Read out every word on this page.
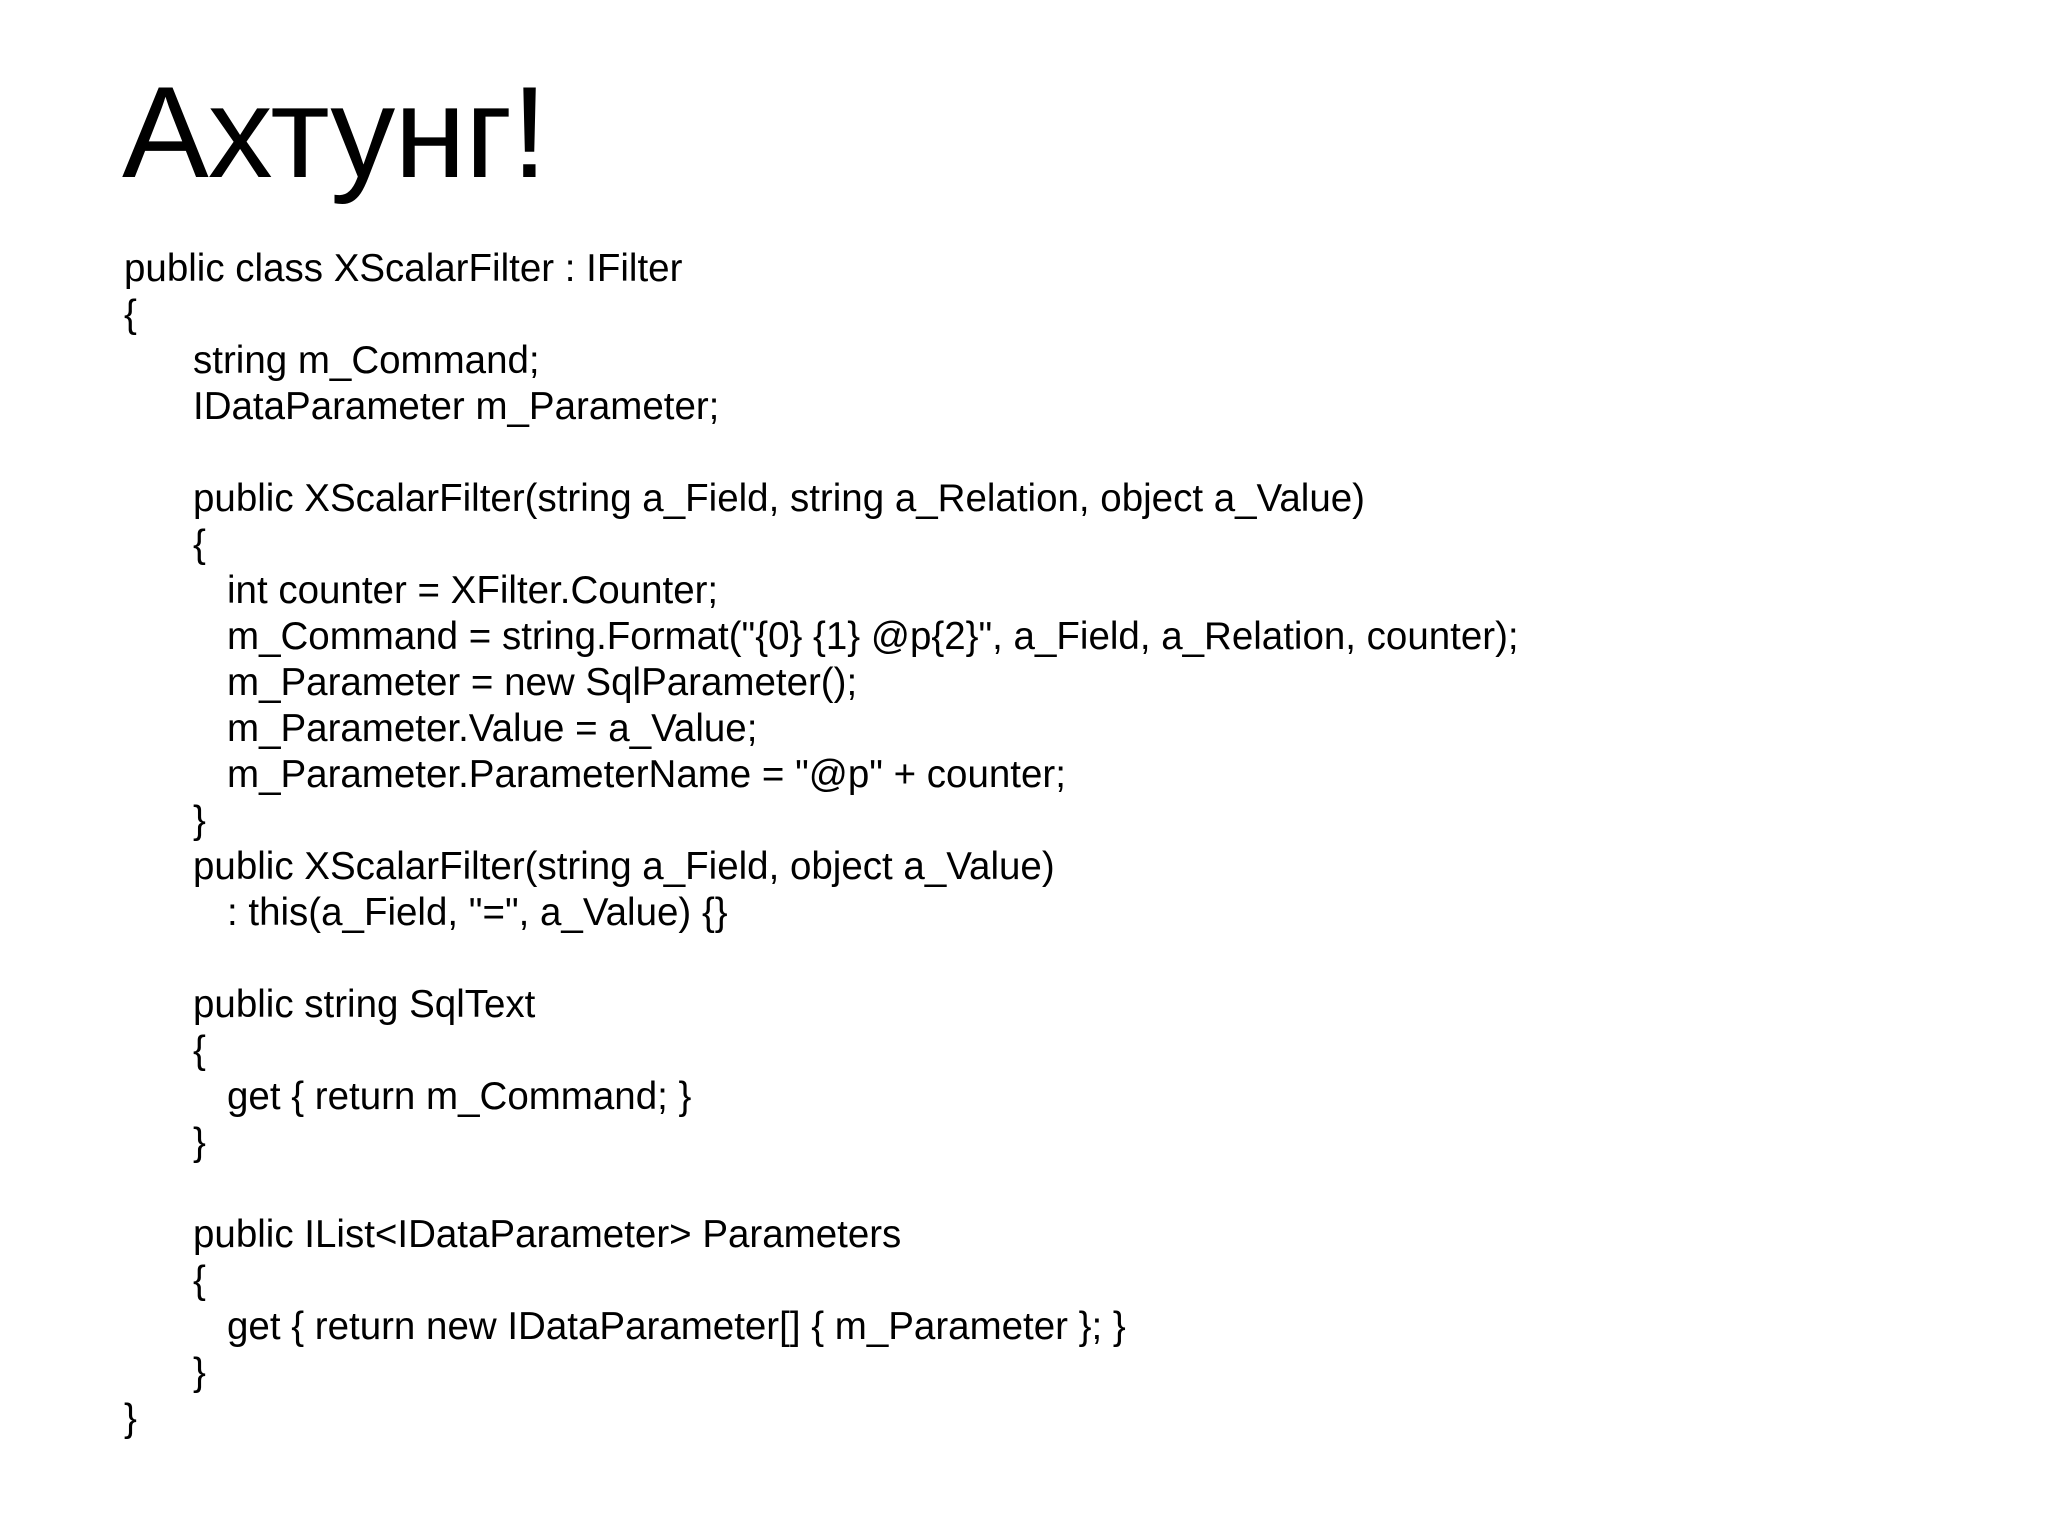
Ахтунг!
public class XScalarFilter : IFilter
{
string m_Command;
IDataParameter m_Parameter;
public XScalarFilter(string a_Field, string a_Relation, object a_Value)
{
int counter = XFilter.Counter;
m_Command = string.Format("{0} {1} @p{2}", a_Field, a_Relation, counter);
m_Parameter = new SqlParameter();
m_Parameter.Value = a_Value;
m_Parameter.ParameterName = "@p" + counter;
}
public XScalarFilter(string a_Field, object a_Value)
: this(a_Field, "=", a_Value) {}
public string SqlText
{
get { return m_Command; }
}
public IList<IDataParameter> Parameters
{
get { return new IDataParameter[] { m_Parameter }; }
}
}
